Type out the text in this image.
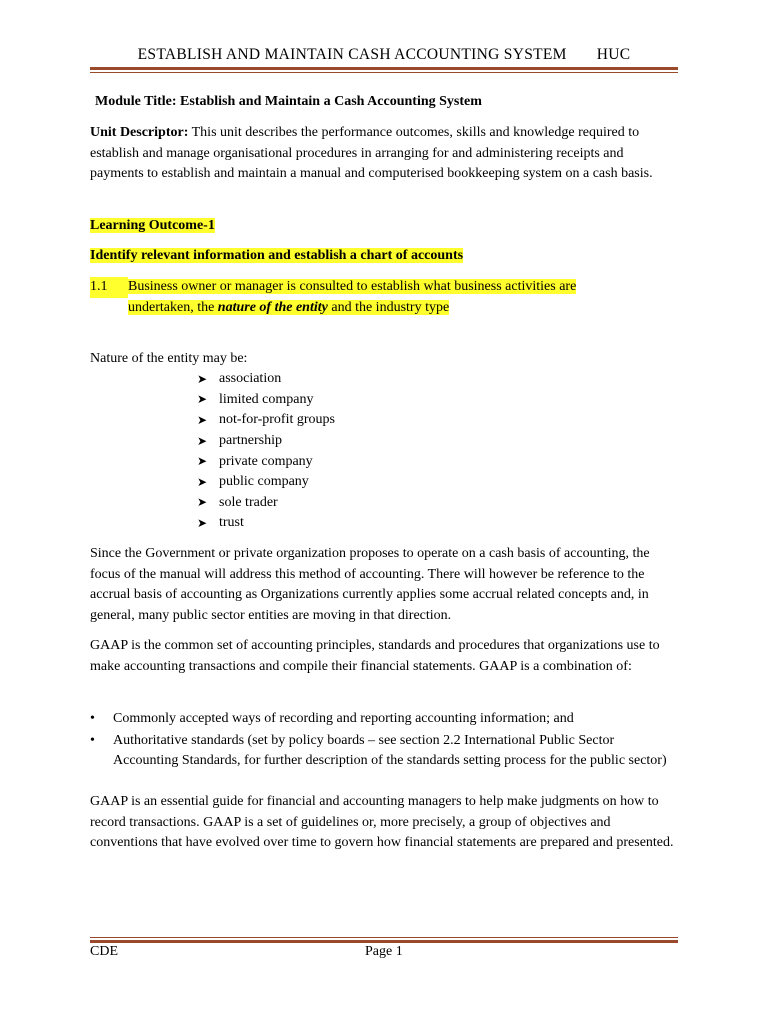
ESTABLISH AND MAINTAIN CASH ACCOUNTING SYSTEM HUC
Module Title: Establish and Maintain a Cash Accounting System
Unit Descriptor: This unit describes the performance outcomes, skills and knowledge required to establish and manage organisational procedures in arranging for and administering receipts and payments to establish and maintain a manual and computerised bookkeeping system on a cash basis.
Learning Outcome-1
Identify relevant information and establish a chart of accounts
1.1 Business owner or manager is consulted to establish what business activities are
undertaken, the nature of the entity and the industry type
Nature of the entity may be:
➤ association
➤ limited company
➤ not-for-profit groups
➤ partnership
➤ private company
➤ public company
➤ sole trader
➤ trust
Since the Government or private organization proposes to operate on a cash basis of accounting, the focus of the manual will address this method of accounting. There will however be reference to the accrual basis of accounting as Organizations currently applies some accrual related concepts and, in general, many public sector entities are moving in that direction.
GAAP is the common set of accounting principles, standards and procedures that organizations use to make accounting transactions and compile their financial statements. GAAP is a combination of:
•	Commonly accepted ways of recording and reporting accounting information; and
•	Authoritative standards (set by policy boards – see section 2.2 International Public Sector Accounting Standards, for further description of the standards setting process for the public sector)
GAAP is an essential guide for financial and accounting managers to help make judgments on how to record transactions. GAAP is a set of guidelines or, more precisely, a group of objectives and conventions that have evolved over time to govern how financial statements are prepared and presented.
CDE	Page 1
